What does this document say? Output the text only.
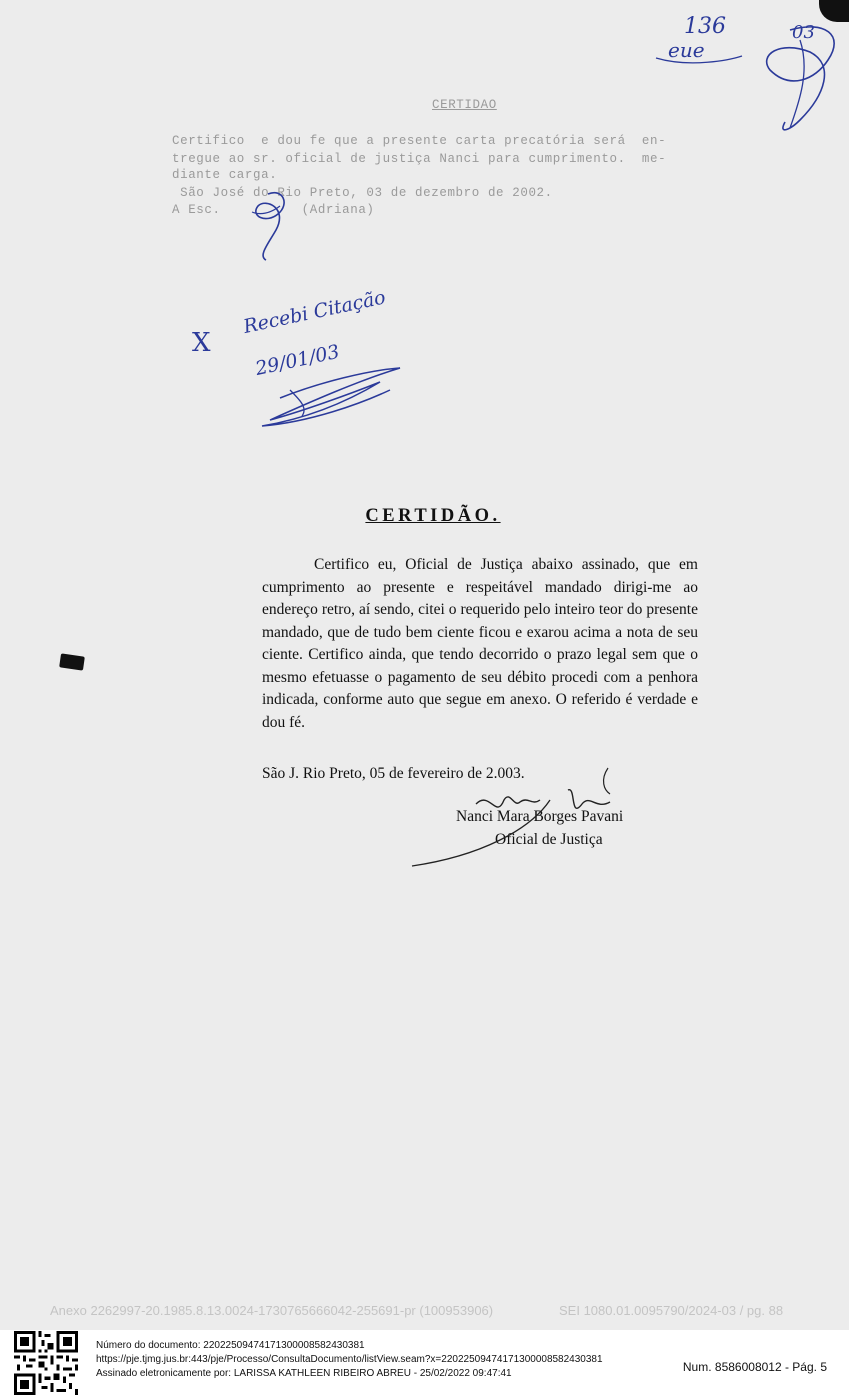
CERTIDAO
Certifico  e dou fe que a presente carta precatória será  en-
tregue ao sr. oficial de justiça Nanci para cumprimento.  me-
diante carga.
São José do Rio Preto, 03 de dezembro de 2002.
A Esc.          (Adriana)
136
eue
03
X
Recebi Citação
29/01/03
CERTIDÃO.

Certifico eu, Oficial de Justiça abaixo assinado, que em cumprimento ao presente e respeitável mandado dirigi-me ao endereço retro, aí sendo, citei o requerido pelo inteiro teor do presente mandado, que de tudo bem ciente ficou e exarou acima a nota de seu ciente. Certifico ainda, que tendo decorrido o prazo legal sem que o mesmo efetuasse o pagamento de seu débito procedi com a penhora indicada, conforme auto que segue em anexo. O referido é verdade e dou fé.

São J. Rio Preto, 05 de fevereiro de 2.003.
Nanci Mara Borges Pavani
Oficial de Justiça
Anexo 2262997-20.1985.8.13.0024-1730765666042-255691-pr (100953906)	SEI 1080.01.0095790/2024-03 / pg. 88
Número do documento: 22022509474171300008582430381
https://pje.tjmg.jus.br:443/pje/Processo/ConsultaDocumento/listView.seam?x=22022509474171300008582430381
Assinado eletronicamente por: LARISSA KATHLEEN RIBEIRO ABREU - 25/02/2022 09:47:41	Num. 8586008012 - Pág. 5
